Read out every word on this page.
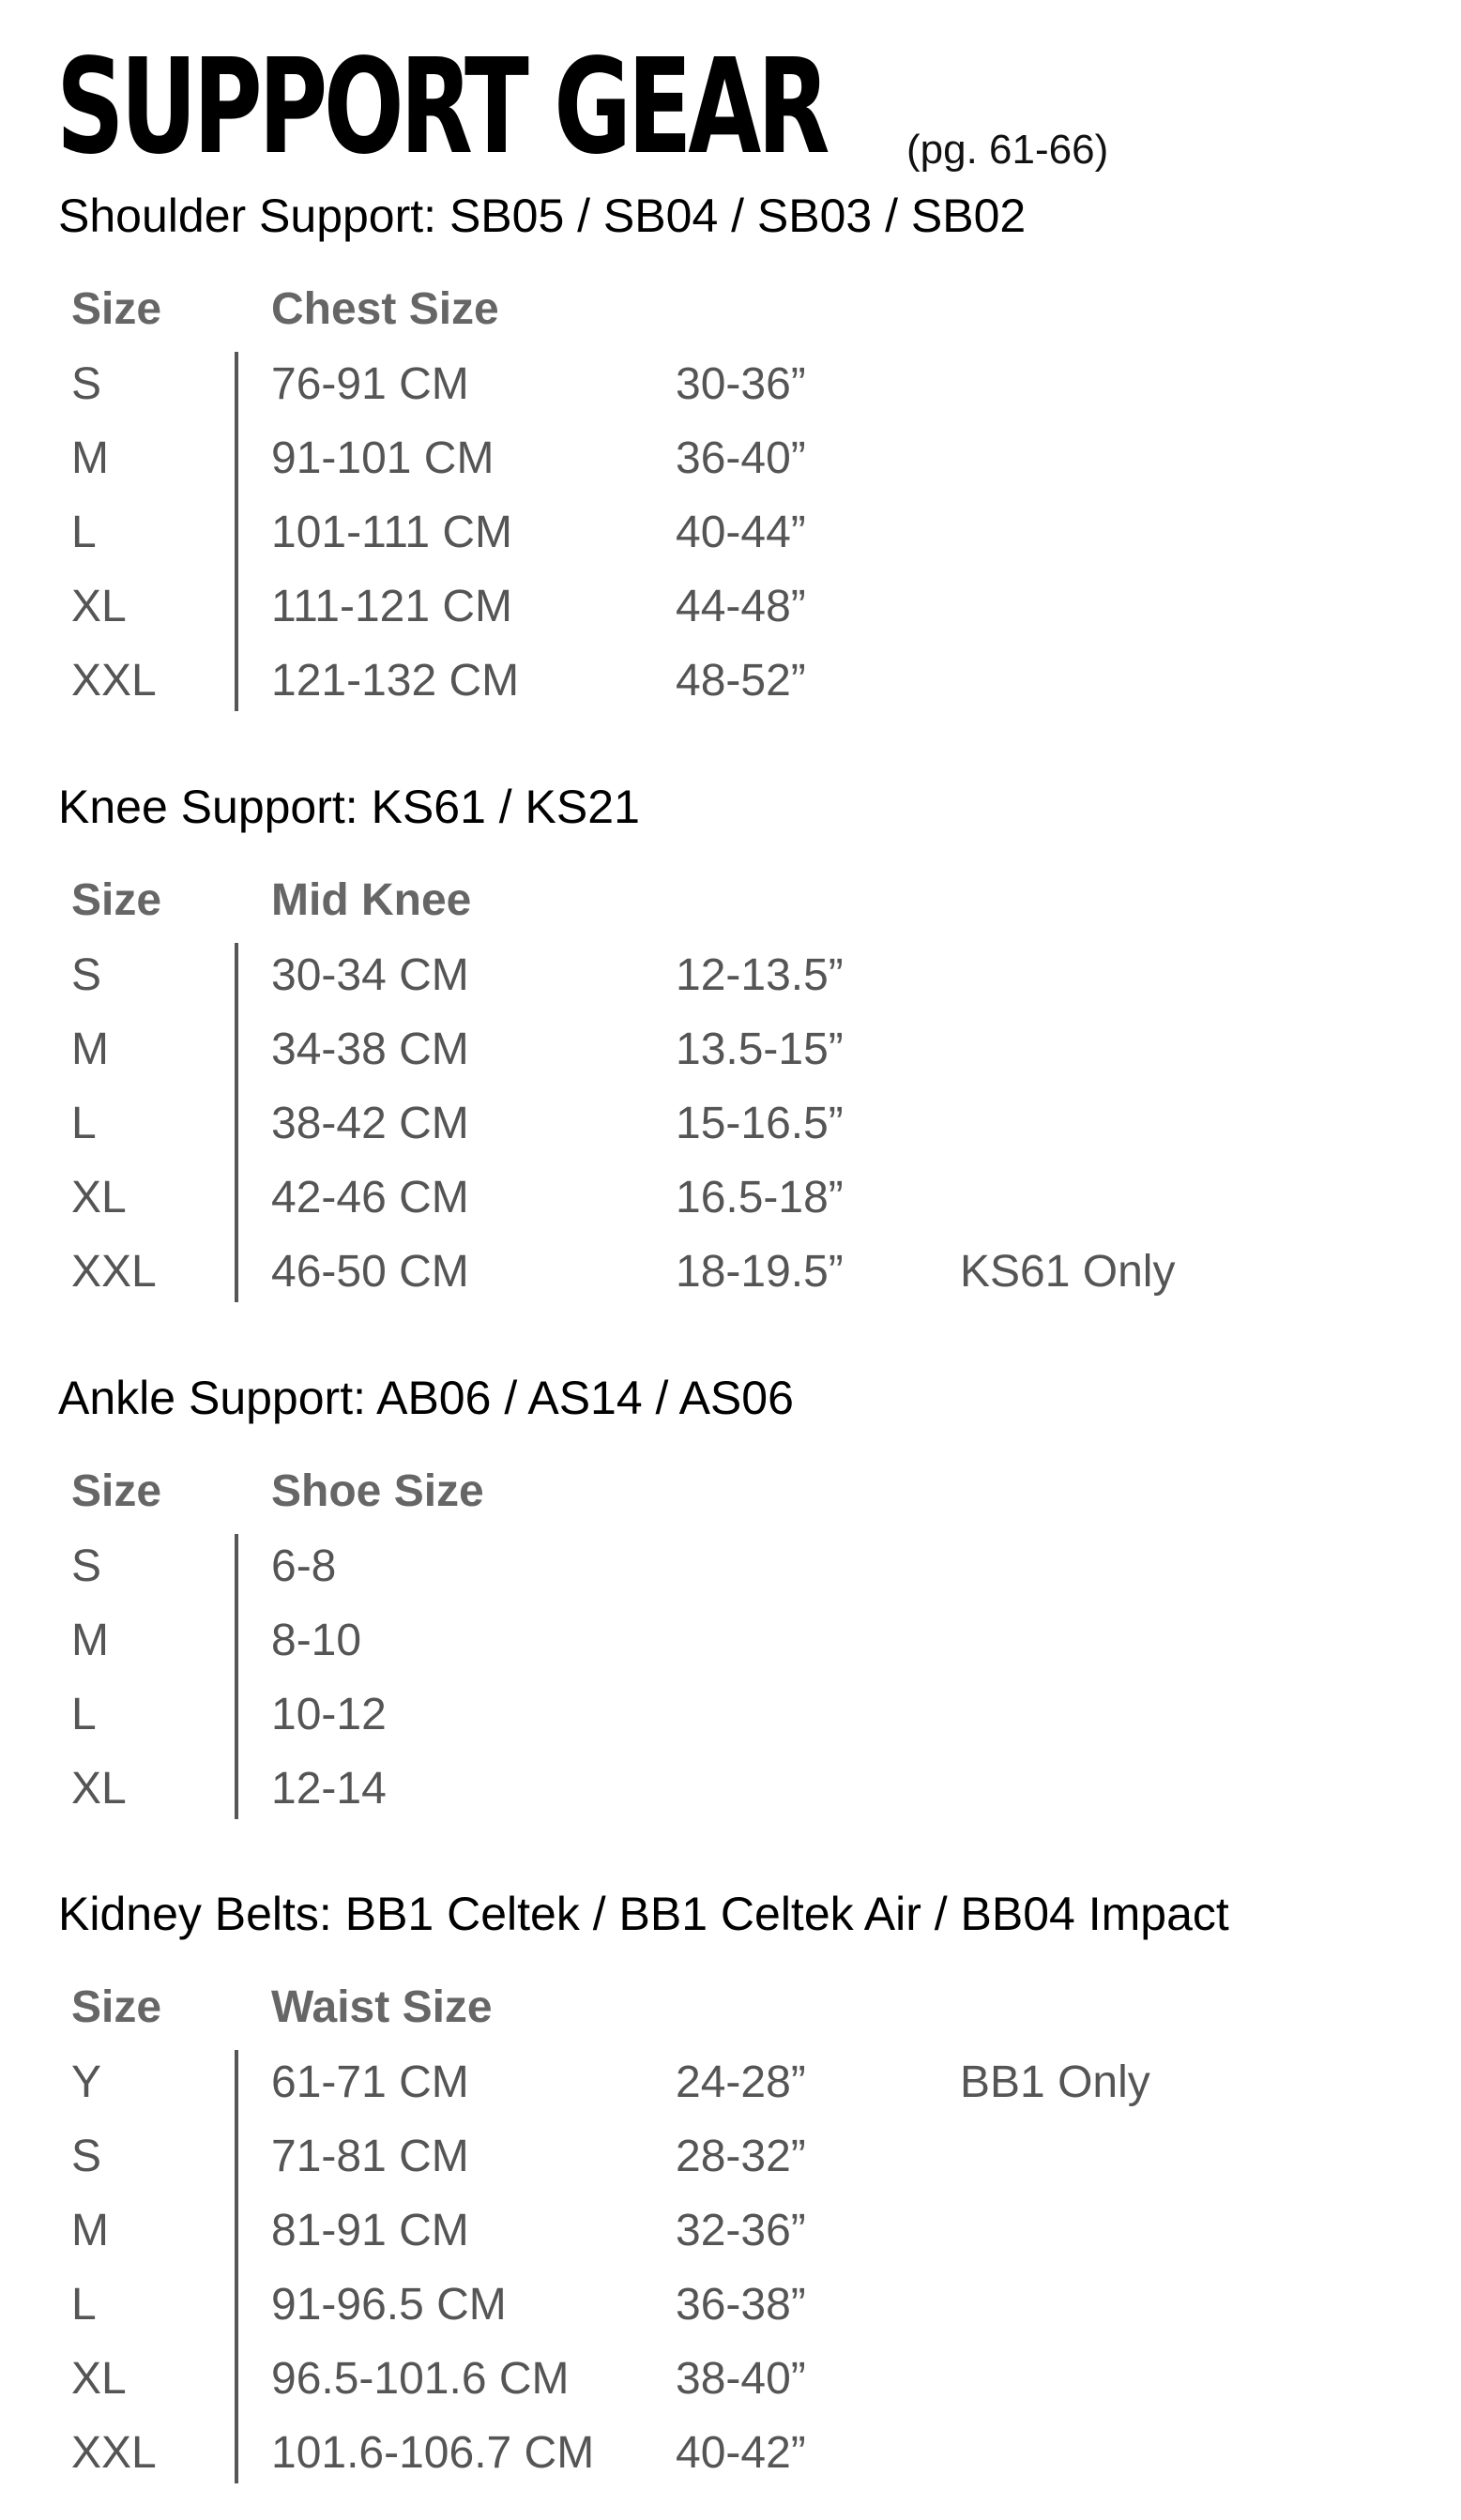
SUPPORT GEAR (pg. 61-66)
Shoulder Support: SB05 / SB04 / SB03 / SB02
Size Chest Size
S	76-91 CM	30-36”
M	91-101 CM	36-40”
L	101-111 CM	40-44”
XL	111-121 CM	44-48”
XXL	121-132 CM	48-52”
Knee Support: KS61 / KS21
Size Mid Knee
S	30-34 CM	12-13.5”
M	34-38 CM	13.5-15”
L	38-42 CM	15-16.5”
XL	42-46 CM	16.5-18”
XXL	46-50 CM	18-19.5”	KS61 Only
Ankle Support: AB06 / AS14 / AS06
Size Shoe Size
S	6-8
M	8-10
L	10-12
XL	12-14
Kidney Belts: BB1 Celtek / BB1 Celtek Air / BB04 Impact
Size Waist Size
Y	61-71 CM	24-28”	BB1 Only
S	71-81 CM	28-32”
M	81-91 CM	32-36”
L	91-96.5 CM	36-38”
XL	96.5-101.6 CM 38-40”
XXL	101.6-106.7 CM 40-42”
